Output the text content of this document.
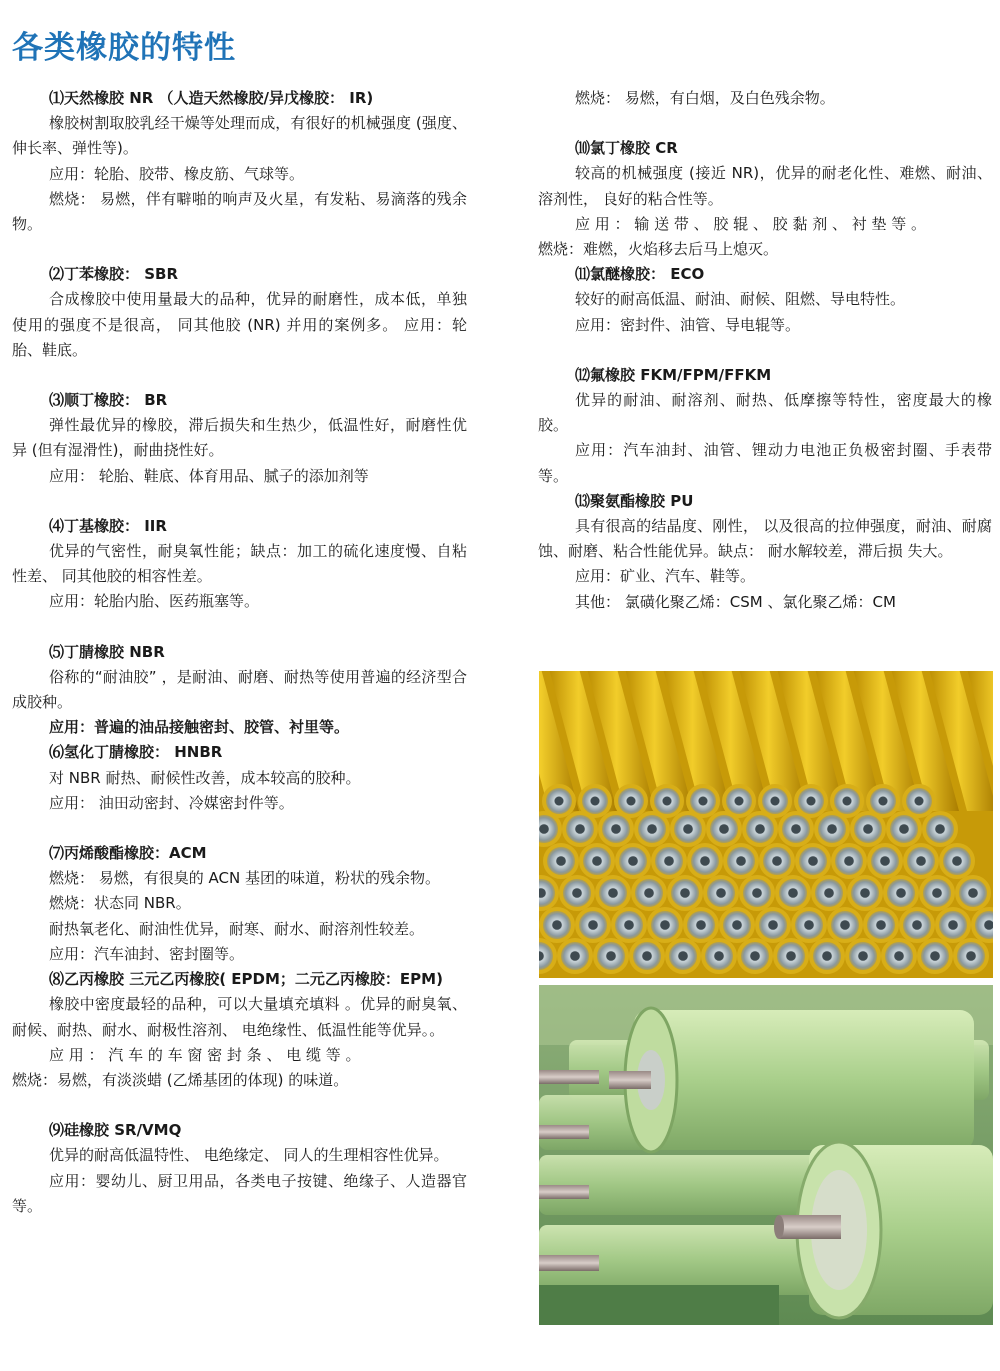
各类橡胶的特性

⑴天然橡胶 NR （人造天然橡胶/异戊橡胶： IR)

橡胶树割取胶乳经干燥等处理而成，有很好的机械强度 (强度、伸长率、弹性等)。

应用：轮胎、胶带、橡皮筋、气球等。

燃烧： 易燃，伴有噼啪的响声及火星，有发粘、易滴落的残余物。

⑵丁苯橡胶： SBR

合成橡胶中使用量最大的品种，优异的耐磨性，成本低，单独使用的强度不是很高， 同其他胶 (NR) 并用的案例多。 应用：轮胎、鞋底。

⑶顺丁橡胶： BR

弹性最优异的橡胶，滞后损失和生热少，低温性好，耐磨性优异 (但有湿滑性)，耐曲挠性好。

应用： 轮胎、鞋底、体育用品、腻子的添加剂等

⑷丁基橡胶： IIR

优异的气密性，耐臭氧性能；缺点：加工的硫化速度慢、自粘性差、 同其他胶的相容性差。

应用：轮胎内胎、医药瓶塞等。

⑸丁腈橡胶 NBR

俗称的“耐油胶” ，是耐油、耐磨、耐热等使用普遍的经济型合成胶种。

应用：普遍的油品接触密封、胶管、衬里等。

⑹氢化丁腈橡胶： HNBR

对 NBR 耐热、耐候性改善，成本较高的胶种。

应用： 油田动密封、冷媒密封件等。

⑺丙烯酸酯橡胶：ACM

燃烧： 易燃，有很臭的 ACN 基团的味道，粉状的残余物。

燃烧：状态同 NBR。

耐热氧老化、耐油性优异，耐寒、耐水、耐溶剂性较差。

应用：汽车油封、密封圈等。

⑻乙丙橡胶 三元乙丙橡胶( EPDM；二元乙丙橡胶：EPM)

橡胶中密度最轻的品种，可以大量填充填料 。优异的耐臭氧、耐候、耐热、耐水、耐极性溶剂、 电绝缘性、低温性能等优异。。

应 用 ： 汽 车 的 车 窗 密 封 条 、 电 缆 等 。

燃烧：易燃，有淡淡蜡 (乙烯基团的体现) 的味道。

⑼硅橡胶 SR/VMQ

优异的耐高低温特性、 电绝缘定、 同人的生理相容性优异。

应用：婴幼儿、厨卫用品，各类电子按键、绝缘子、人造器官等。

燃烧： 易燃，有白烟，及白色残余物。

⑽氯丁橡胶 CR

较高的机械强度 (接近 NR)，优异的耐老化性、难燃、耐油、溶剂性， 良好的粘合性等。

应 用 ： 输 送 带 、 胶 辊 、 胶 黏 剂 、 衬 垫 等 。

燃烧：难燃，火焰移去后马上熄灭。

⑾氯醚橡胶： ECO

较好的耐高低温、耐油、耐候、阻燃、导电特性。

应用：密封件、油管、导电辊等。

⑿氟橡胶 FKM/FPM/FFKM

优异的耐油、耐溶剂、耐热、低摩擦等特性，密度最大的橡胶。

应用：汽车油封、油管、锂动力电池正负极密封圈、手表带等。

⒀聚氨酯橡胶 PU

具有很高的结晶度、刚性， 以及很高的拉伸强度，耐油、耐腐蚀、耐磨、粘合性能优异。缺点： 耐水解较差，滞后损 失大。

应用：矿业、汽车、鞋等。

其他： 氯磺化聚乙烯：CSM 、氯化聚乙烯：CM
